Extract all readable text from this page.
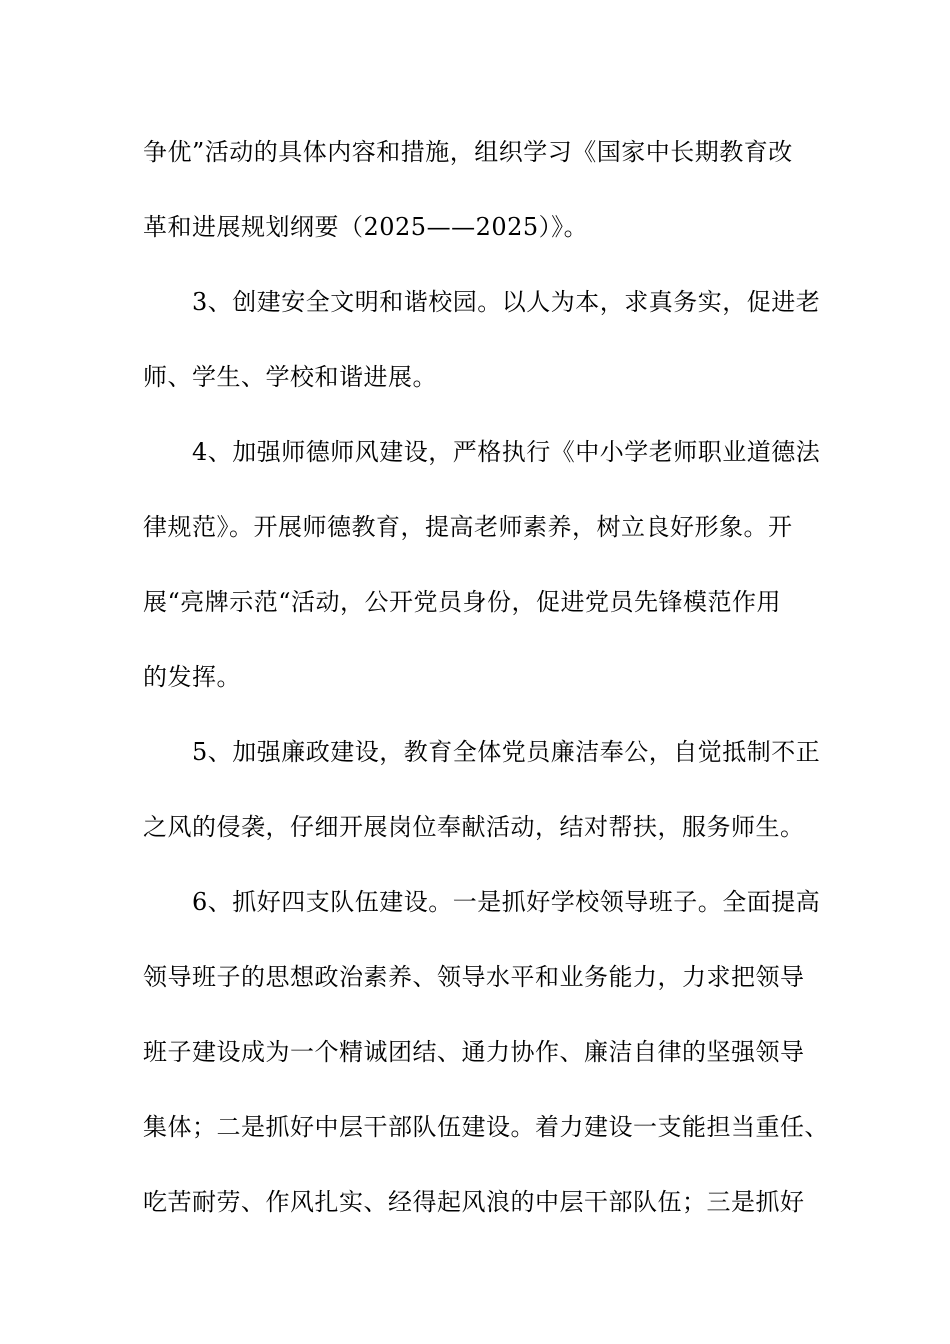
争优”活动的具体内容和措施，组织学习《国家中长期教育改
革和进展规划纲要（2025——2025）》。
3、创建安全文明和谐校园。以人为本，求真务实，促进老
师、学生、学校和谐进展。
4、加强师德师风建设，严格执行《中小学老师职业道德法
律规范》。开展师德教育，提高老师素养，树立良好形象。开
展“亮牌示范“活动，公开党员身份，促进党员先锋模范作用
的发挥。
5、加强廉政建设，教育全体党员廉洁奉公，自觉抵制不正
之风的侵袭，仔细开展岗位奉献活动，结对帮扶，服务师生。
6、抓好四支队伍建设。一是抓好学校领导班子。全面提高
领导班子的思想政治素养、领导水平和业务能力，力求把领导
班子建设成为一个精诚团结、通力协作、廉洁自律的坚强领导
集体；二是抓好中层干部队伍建设。着力建设一支能担当重任、
吃苦耐劳、作风扎实、经得起风浪的中层干部队伍；三是抓好
